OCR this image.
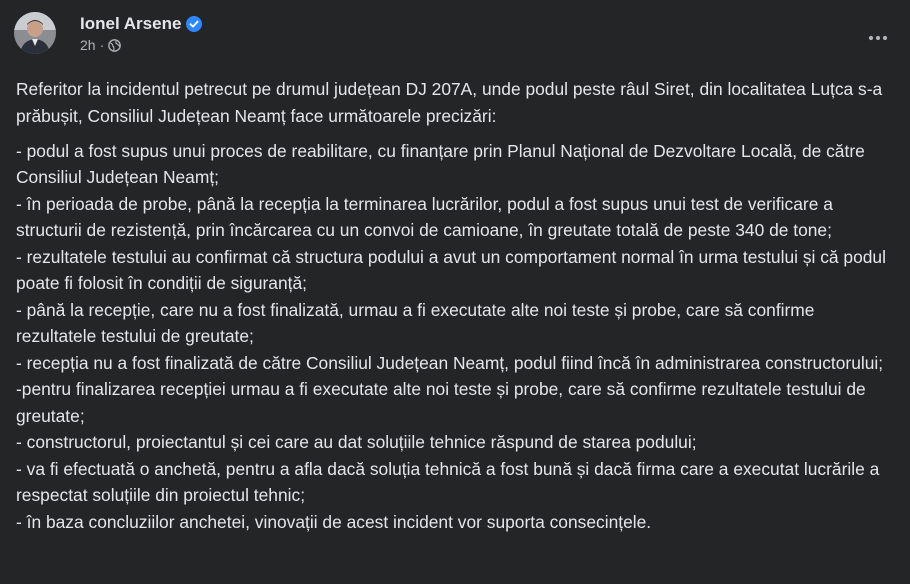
Ionel Arsene
2h ·

Referitor la incidentul petrecut pe drumul județean DJ 207A, unde podul peste râul Siret, din localitatea Luțca s-a prăbușit, Consiliul Județean Neamț face următoarele precizări:

- podul a fost supus unui proces de reabilitare, cu finanțare prin Planul Național de Dezvoltare Locală, de către Consiliul Județean Neamț;

- în perioada de probe, până la recepția la terminarea lucrărilor, podul a fost supus unui test de verificare a structurii de rezistență, prin încărcarea cu un convoi de camioane, în greutate totală de peste 340 de tone;

- rezultatele testului au confirmat că structura podului a avut un comportament normal în urma testului și că podul poate fi folosit în condiții de siguranță;

- până la recepție, care nu a fost finalizată, urmau a fi executate alte noi teste și probe, care să confirme rezultatele testului de greutate;

- recepția nu a fost finalizată de către Consiliul Județean Neamț, podul fiind încă în administrarea constructorului;

-pentru finalizarea recepției urmau a fi executate alte noi teste și probe, care să confirme rezultatele testului de greutate;

- constructorul, proiectantul și cei care au dat soluțiile tehnice răspund de starea podului;

- va fi efectuată o anchetă, pentru a afla dacă soluția tehnică a fost bună și dacă firma care a executat lucrările a respectat soluțiile din proiectul tehnic;

- în baza concluziilor anchetei, vinovații de acest incident vor suporta consecințele.
